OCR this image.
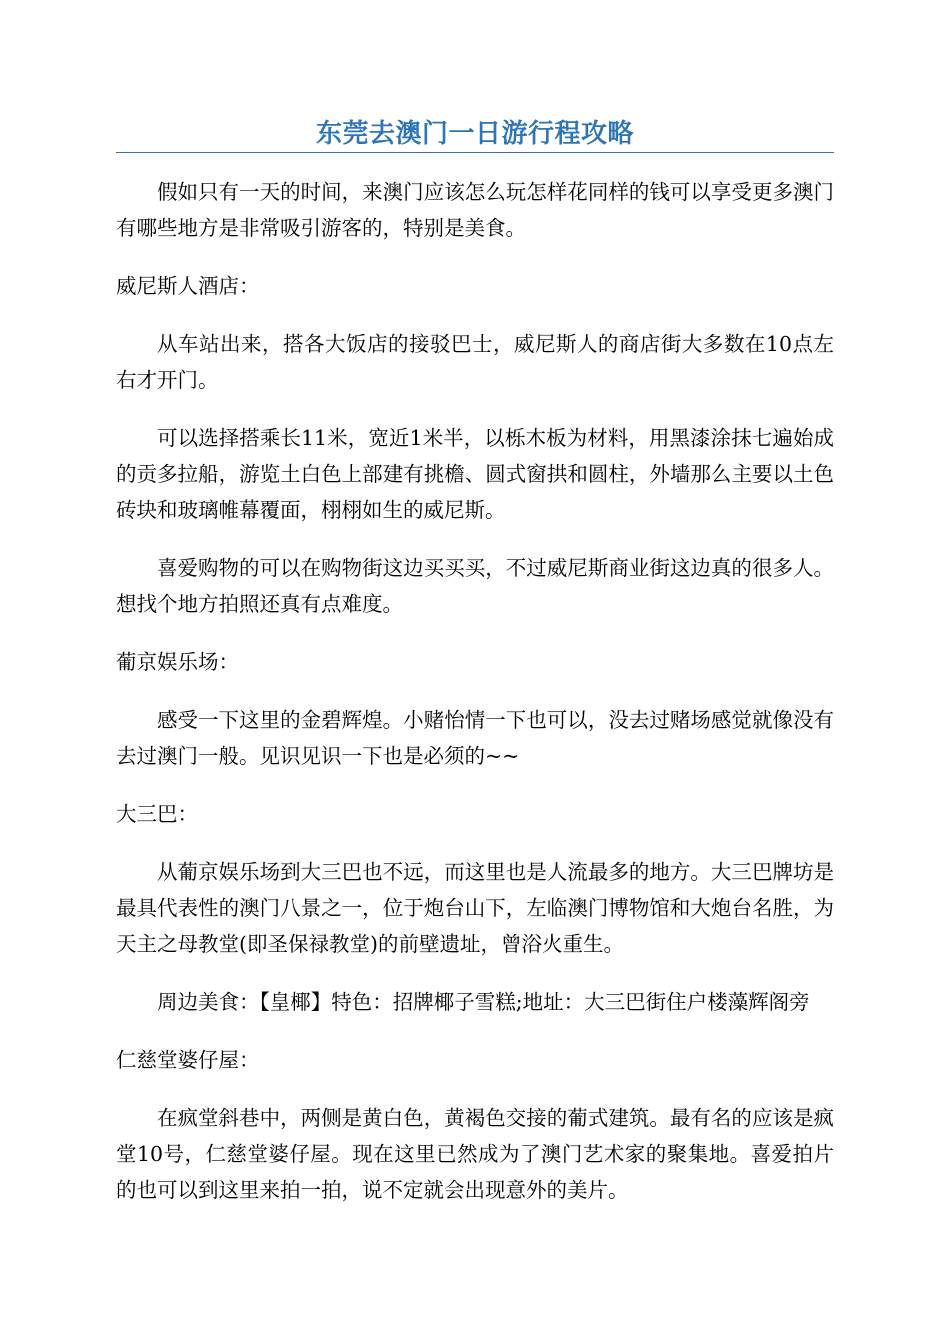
东莞去澳门一日游行程攻略

假如只有一天的时间，来澳门应该怎么玩怎样花同样的钱可以享受更多澳门有哪些地方是非常吸引游客的，特别是美食。

威尼斯人酒店：

从车站出来，搭各大饭店的接驳巴士，威尼斯人的商店街大多数在10点左右才开门。

可以选择搭乘长11米，宽近1米半，以栎木板为材料，用黑漆涂抹七遍始成的贡多拉船，游览土白色上部建有挑檐、圆式窗拱和圆柱，外墙那么主要以土色砖块和玻璃帷幕覆面，栩栩如生的威尼斯。

喜爱购物的可以在购物街这边买买买，不过威尼斯商业街这边真的很多人。想找个地方拍照还真有点难度。

葡京娱乐场：

感受一下这里的金碧辉煌。小赌怡情一下也可以，没去过赌场感觉就像没有去过澳门一般。见识见识一下也是必须的~~

大三巴：

从葡京娱乐场到大三巴也不远，而这里也是人流最多的地方。大三巴牌坊是最具代表性的澳门八景之一，位于炮台山下，左临澳门博物馆和大炮台名胜，为天主之母教堂(即圣保禄教堂)的前壁遗址，曾浴火重生。

周边美食：【皇椰】特色：招牌椰子雪糕;地址：大三巴街住户楼藻辉阁旁

仁慈堂婆仔屋：

在疯堂斜巷中，两侧是黄白色，黄褐色交接的葡式建筑。最有名的应该是疯堂10号，仁慈堂婆仔屋。现在这里已然成为了澳门艺术家的聚集地。喜爱拍片的也可以到这里来拍一拍，说不定就会出现意外的美片。
